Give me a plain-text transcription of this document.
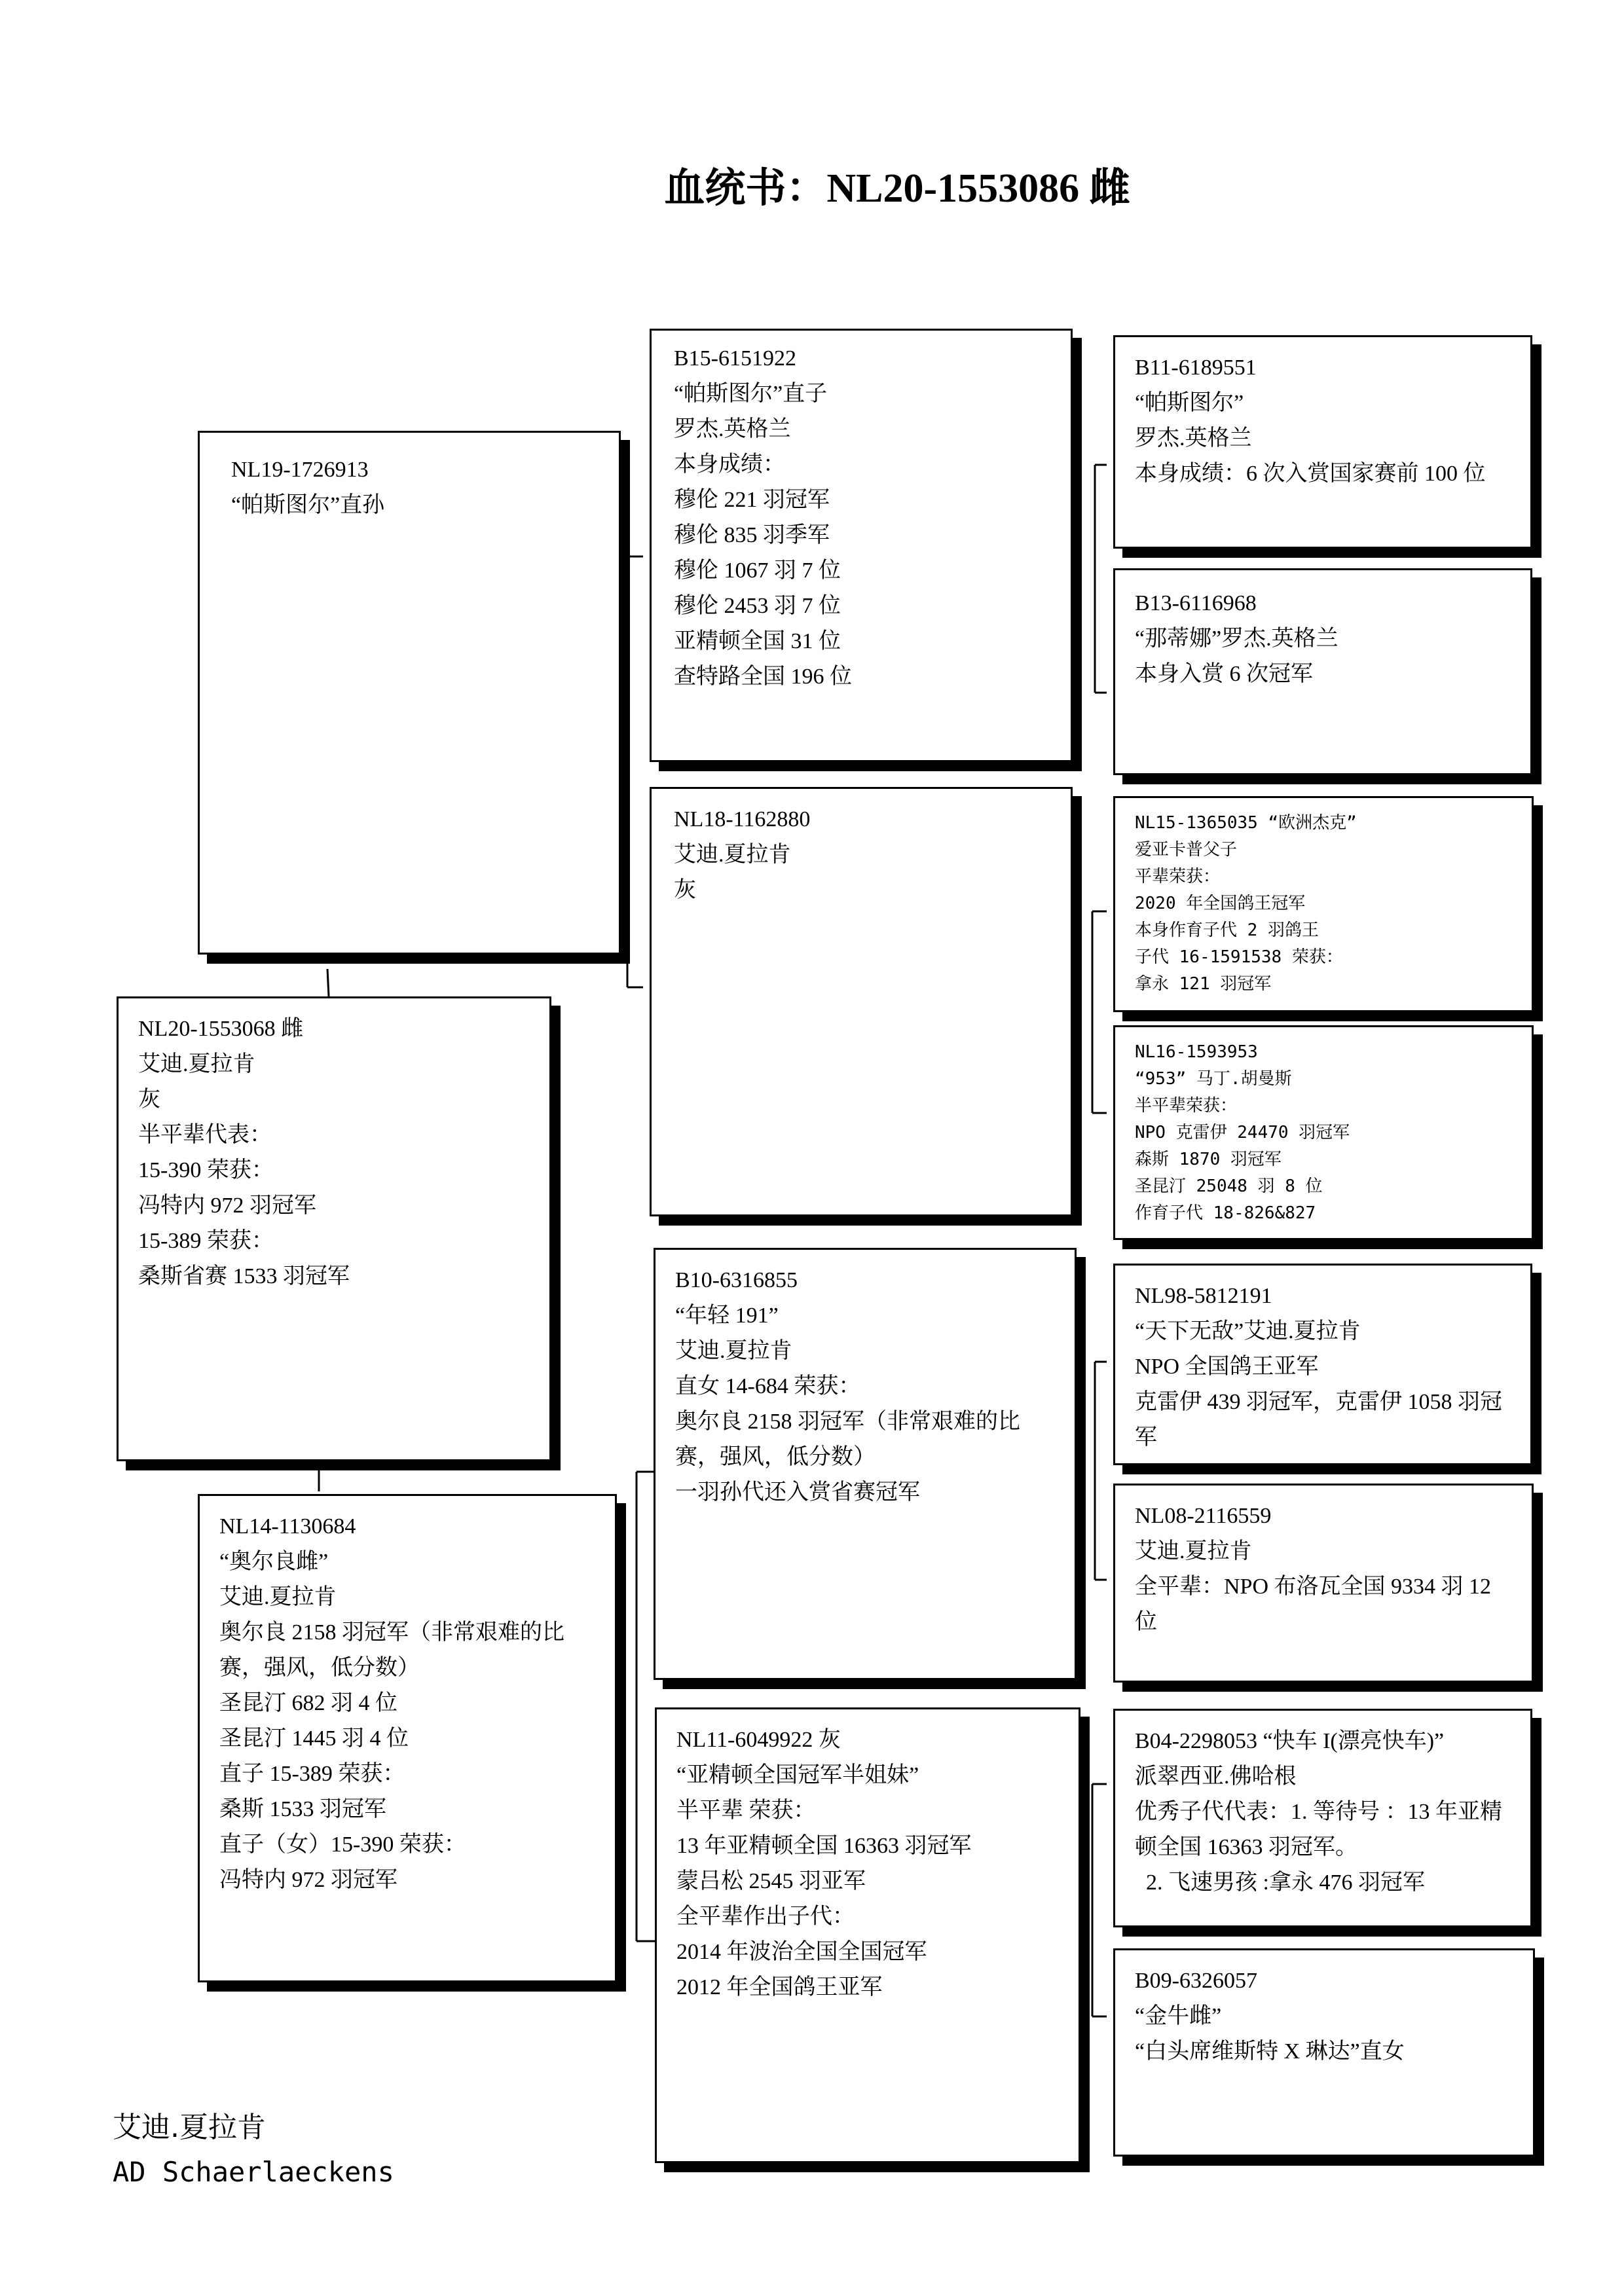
血统书：NL20-1553086 雌
NL20-1553068 雌
艾迪.夏拉肯
灰
半平辈代表：
15-390 荣获：
冯特内 972 羽冠军
15-389 荣获：
桑斯省赛 1533 羽冠军
NL19-1726913
“帕斯图尔”直孙
NL14-1130684
“奥尔良雌”
艾迪.夏拉肯
奥尔良 2158 羽冠军（非常艰难的比赛，强风，低分数）
圣昆汀 682 羽 4 位
圣昆汀 1445 羽 4 位
直子 15-389 荣获：
桑斯 1533 羽冠军
直子（女）15-390 荣获：
冯特内 972 羽冠军
B15-6151922
“帕斯图尔”直子
罗杰.英格兰
本身成绩：
穆伦 221 羽冠军
穆伦 835 羽季军
穆伦 1067 羽 7 位
穆伦 2453 羽 7 位
亚精顿全国 31 位
查特路全国 196 位
NL18-1162880
艾迪.夏拉肯
灰
B10-6316855
“年轻 191”
艾迪.夏拉肯
直女 14-684 荣获：
奥尔良 2158 羽冠军（非常艰难的比赛，强风，低分数）
一羽孙代还入赏省赛冠军
NL11-6049922 灰
“亚精顿全国冠军半姐妹”
半平辈 荣获：
13 年亚精顿全国 16363 羽冠军
蒙吕松 2545 羽亚军
全平辈作出子代：
2014 年波治全国全国冠军
2012 年全国鸽王亚军
B11-6189551
“帕斯图尔”
罗杰.英格兰
本身成绩：6 次入赏国家赛前 100 位
B13-6116968
“那蒂娜”罗杰.英格兰
本身入赏 6 次冠军
NL15-1365035 “欧洲杰克”
爱亚卡普父子
平辈荣获：
2020 年全国鸽王冠军
本身作育子代 2 羽鸽王
子代 16-1591538 荣获：
拿永 121 羽冠军
NL16-1593953
“953” 马丁.胡曼斯
半平辈荣获：
NPO 克雷伊 24470 羽冠军
森斯 1870 羽冠军
圣昆汀 25048 羽 8 位
作育子代 18-826&827
NL98-5812191
“天下无敌”艾迪.夏拉肯
NPO 全国鸽王亚军
克雷伊 439 羽冠军，克雷伊 1058 羽冠军
NL08-2116559
艾迪.夏拉肯
全平辈：NPO 布洛瓦全国 9334 羽 12 位
B04-2298053 “快车 I(漂亮快车)”
派翠西亚.佛哈根
优秀子代代表：1. 等待号 ：13 年亚精顿全国 16363 羽冠军。
2. 飞速男孩 :拿永 476 羽冠军
B09-6326057
“金牛雌”
“白头席维斯特 X 琳达”直女
艾迪.夏拉肯
AD Schaerlaeckens
